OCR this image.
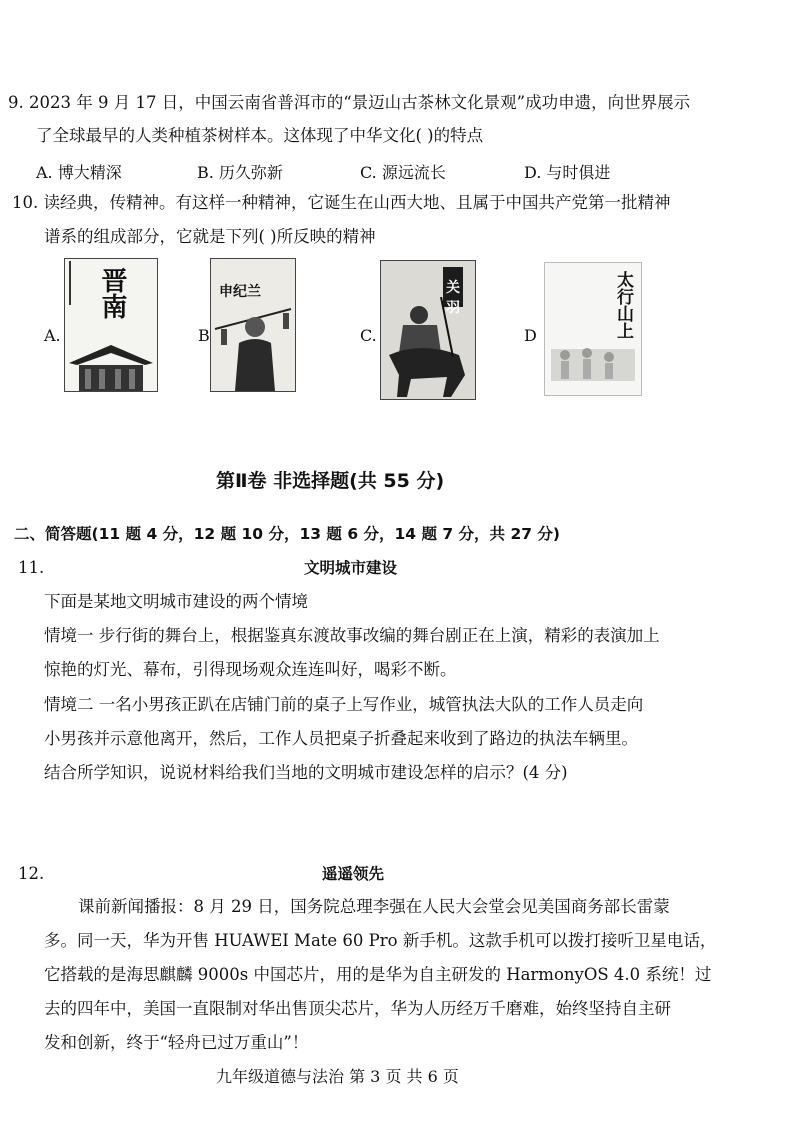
9. 2023 年 9 月 17 日，中国云南省普洱市的“景迈山古茶林文化景观”成功申遗，向世界展示
了全球最早的人类种植茶树样本。这体现了中华文化( )的特点
A. 博大精深	B. 历久弥新	C. 源远流长	D. 与时俱进
10. 读经典，传精神。有这样一种精神，它诞生在山西大地、且属于中国共产党第一批精神
谱系的组成部分，它就是下列( )所反映的精神
A.
晋南
B
申纪兰
C.
关羽
D	太行山上
第Ⅱ卷 非选择题(共 55 分)
二、简答题(11 题 4 分，12 题 10 分，13 题 6 分，14 题 7 分，共 27 分)
11.	文明城市建设
下面是某地文明城市建设的两个情境
情境一 步行街的舞台上，根据鉴真东渡故事改编的舞台剧正在上演，精彩的表演加上
惊艳的灯光、幕布，引得现场观众连连叫好，喝彩不断。
情境二 一名小男孩正趴在店铺门前的桌子上写作业，城管执法大队的工作人员走向
小男孩并示意他离开，然后，工作人员把桌子折叠起来收到了路边的执法车辆里。
结合所学知识，说说材料给我们当地的文明城市建设怎样的启示？(4 分)
12.	遥遥领先
课前新闻播报：8 月 29 日，国务院总理李强在人民大会堂会见美国商务部长雷蒙
多。同一天，华为开售 HUAWEI Mate 60 Pro 新手机。这款手机可以拨打接听卫星电话，
它搭载的是海思麒麟 9000s 中国芯片，用的是华为自主研发的 HarmonyOS 4.0 系统！过
去的四年中，美国一直限制对华出售顶尖芯片，华为人历经万千磨难，始终坚持自主研
发和创新，终于“轻舟已过万重山”！
九年级道德与法治 第 3 页 共 6 页
